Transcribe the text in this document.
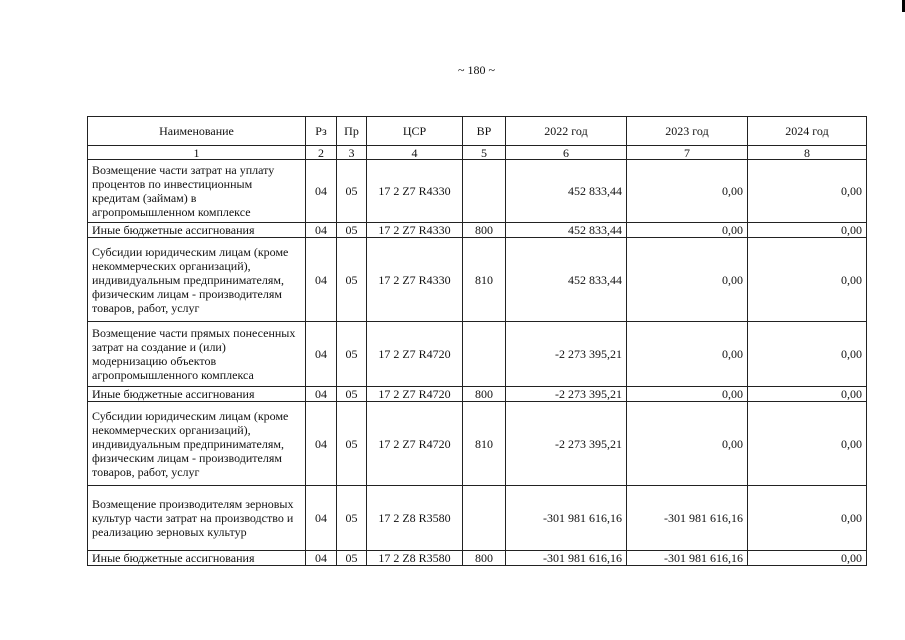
~ 180 ~
Наименование	Рз	Пр	ЦСР	ВР	2022 год	2023 год	2024 год
1	2	3	4	5	6	7	8
Возмещение части затрат на уплату процентов по инвестиционным кредитам (займам) в агропромышленном комплексе	04	05	17 2 Z7 R4330		452 833,44	0,00	0,00
Иные бюджетные ассигнования	04	05	17 2 Z7 R4330	800	452 833,44	0,00	0,00
Субсидии юридическим лицам (кроме некоммерческих организаций), индивидуальным предпринимателям, физическим лицам - производителям товаров, работ, услуг	04	05	17 2 Z7 R4330	810	452 833,44	0,00	0,00
Возмещение части прямых понесенных затрат на создание и (или) модернизацию объектов агропромышленного комплекса	04	05	17 2 Z7 R4720		-2 273 395,21	0,00	0,00
Иные бюджетные ассигнования	04	05	17 2 Z7 R4720	800	-2 273 395,21	0,00	0,00
Субсидии юридическим лицам (кроме некоммерческих организаций), индивидуальным предпринимателям, физическим лицам - производителям товаров, работ, услуг	04	05	17 2 Z7 R4720	810	-2 273 395,21	0,00	0,00
Возмещение производителям зерновых культур части затрат на производство и реализацию зерновых культур	04	05	17 2 Z8 R3580		-301 981 616,16	-301 981 616,16	0,00
Иные бюджетные ассигнования	04	05	17 2 Z8 R3580	800	-301 981 616,16	-301 981 616,16	0,00
